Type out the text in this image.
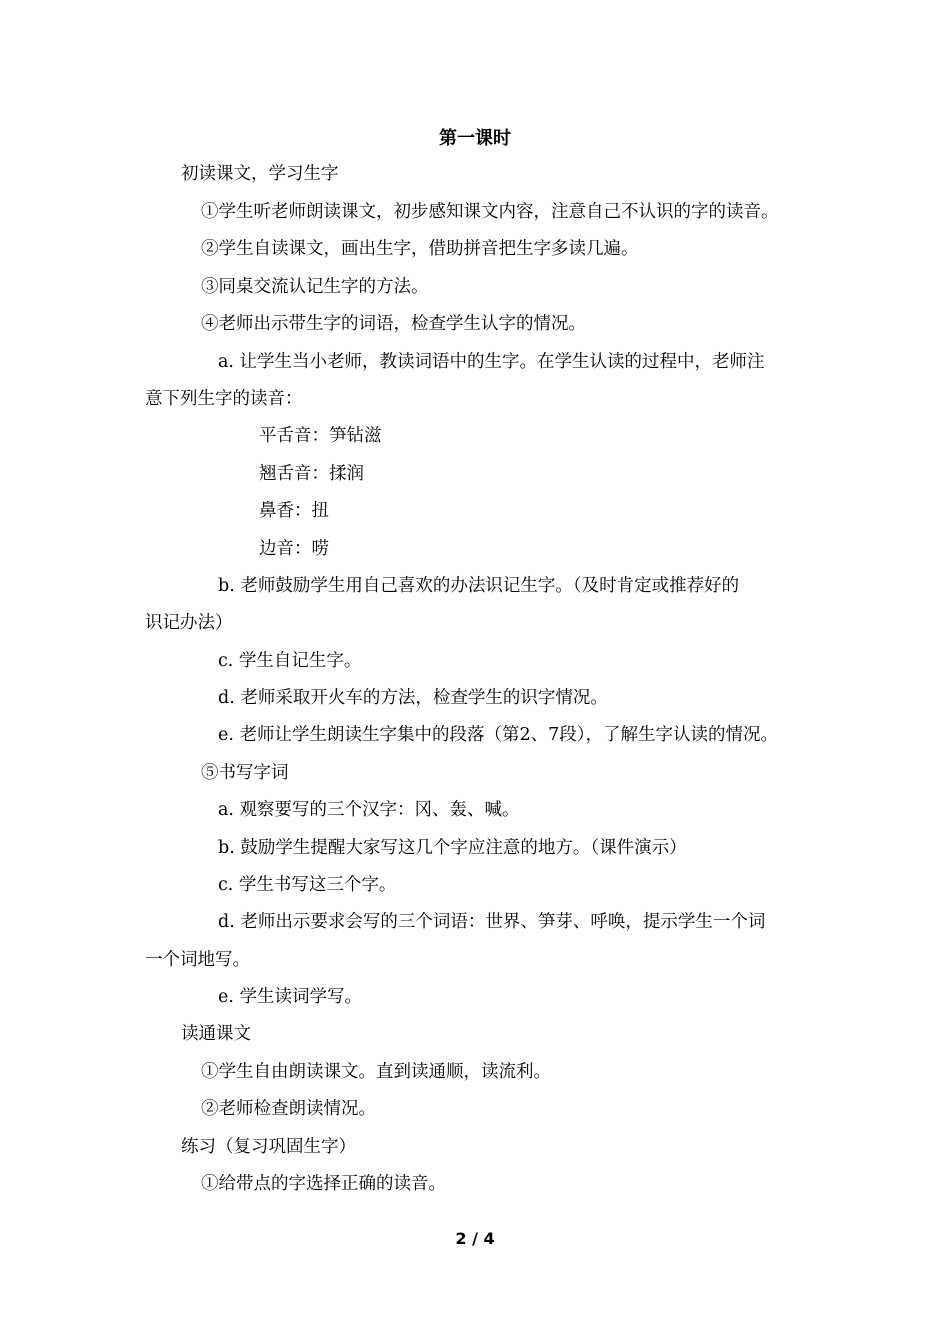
第一课时
初读课文，学习生字
①学生听老师朗读课文，初步感知课文内容，注意自己不认识的字的读音。
②学生自读课文，画出生字，借助拼音把生字多读几遍。
③同桌交流认记生字的方法。
④老师出示带生字的词语，检查学生认字的情况。
a. 让学生当小老师，教读词语中的生字。在学生认读的过程中，老师注
意下列生字的读音：
平舌音：笋钻滋
翘舌音：揉润
鼻香：扭
边音：唠
b. 老师鼓励学生用自己喜欢的办法识记生字。（及时肯定或推荐好的
识记办法）
c. 学生自记生字。
d. 老师采取开火车的方法，检查学生的识字情况。
e. 老师让学生朗读生字集中的段落（第2、7段），了解生字认读的情况。
⑤书写字词
a. 观察要写的三个汉字：冈、轰、喊。
b. 鼓励学生提醒大家写这几个字应注意的地方。（课件演示）
c. 学生书写这三个字。
d. 老师出示要求会写的三个词语：世界、笋芽、呼唤，提示学生一个词
一个词地写。
e. 学生读词学写。
读通课文
①学生自由朗读课文。直到读通顺，读流利。
②老师检查朗读情况。
练习（复习巩固生字）
①给带点的字选择正确的读音。
2 / 4
